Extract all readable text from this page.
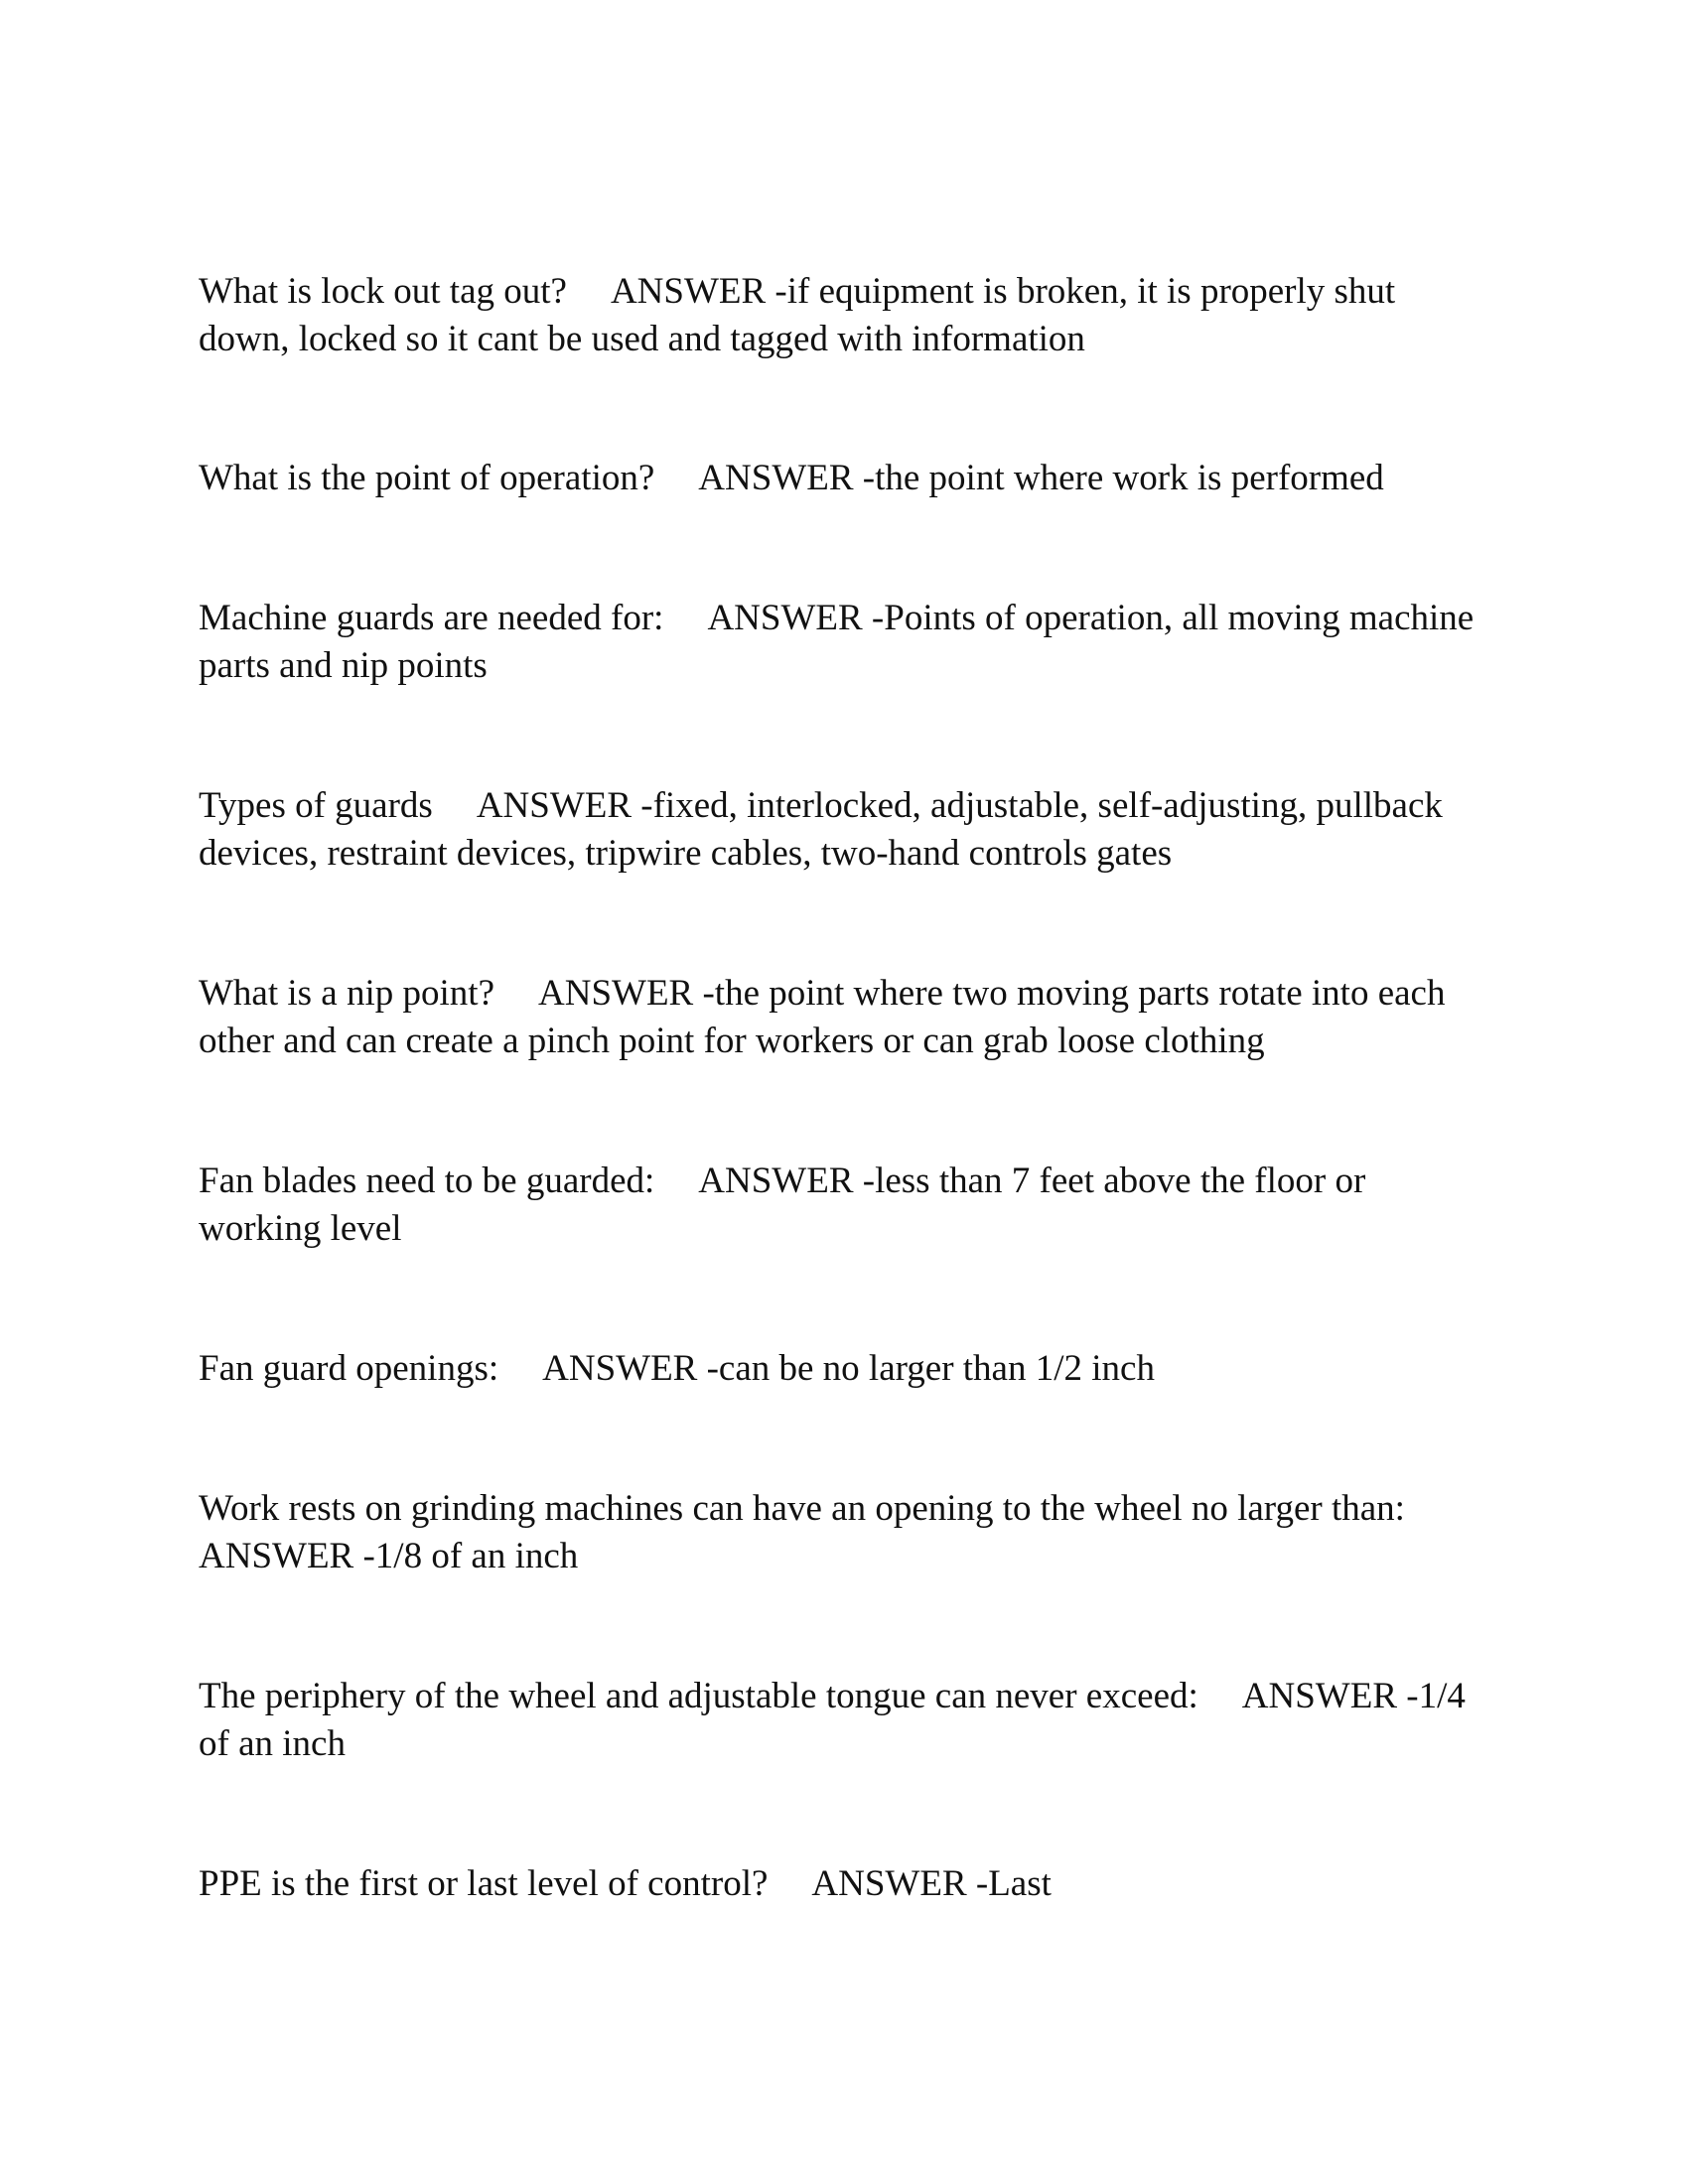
What is lock out tag out? ANSWER -if equipment is broken, it is properly shut down, locked so it cant be used and tagged with information

What is the point of operation? ANSWER -the point where work is performed

Machine guards are needed for: ANSWER -Points of operation, all moving machine parts and nip points

Types of guards ANSWER -fixed, interlocked, adjustable, self-adjusting, pullback devices, restraint devices, tripwire cables, two-hand controls gates

What is a nip point? ANSWER -the point where two moving parts rotate into each other and can create a pinch point for workers or can grab loose clothing

Fan blades need to be guarded: ANSWER -less than 7 feet above the floor or working level

Fan guard openings: ANSWER -can be no larger than 1/2 inch

Work rests on grinding machines can have an opening to the wheel no larger than:
ANSWER -1/8 of an inch

The periphery of the wheel and adjustable tongue can never exceed: ANSWER -1/4 of an inch

PPE is the first or last level of control? ANSWER -Last
